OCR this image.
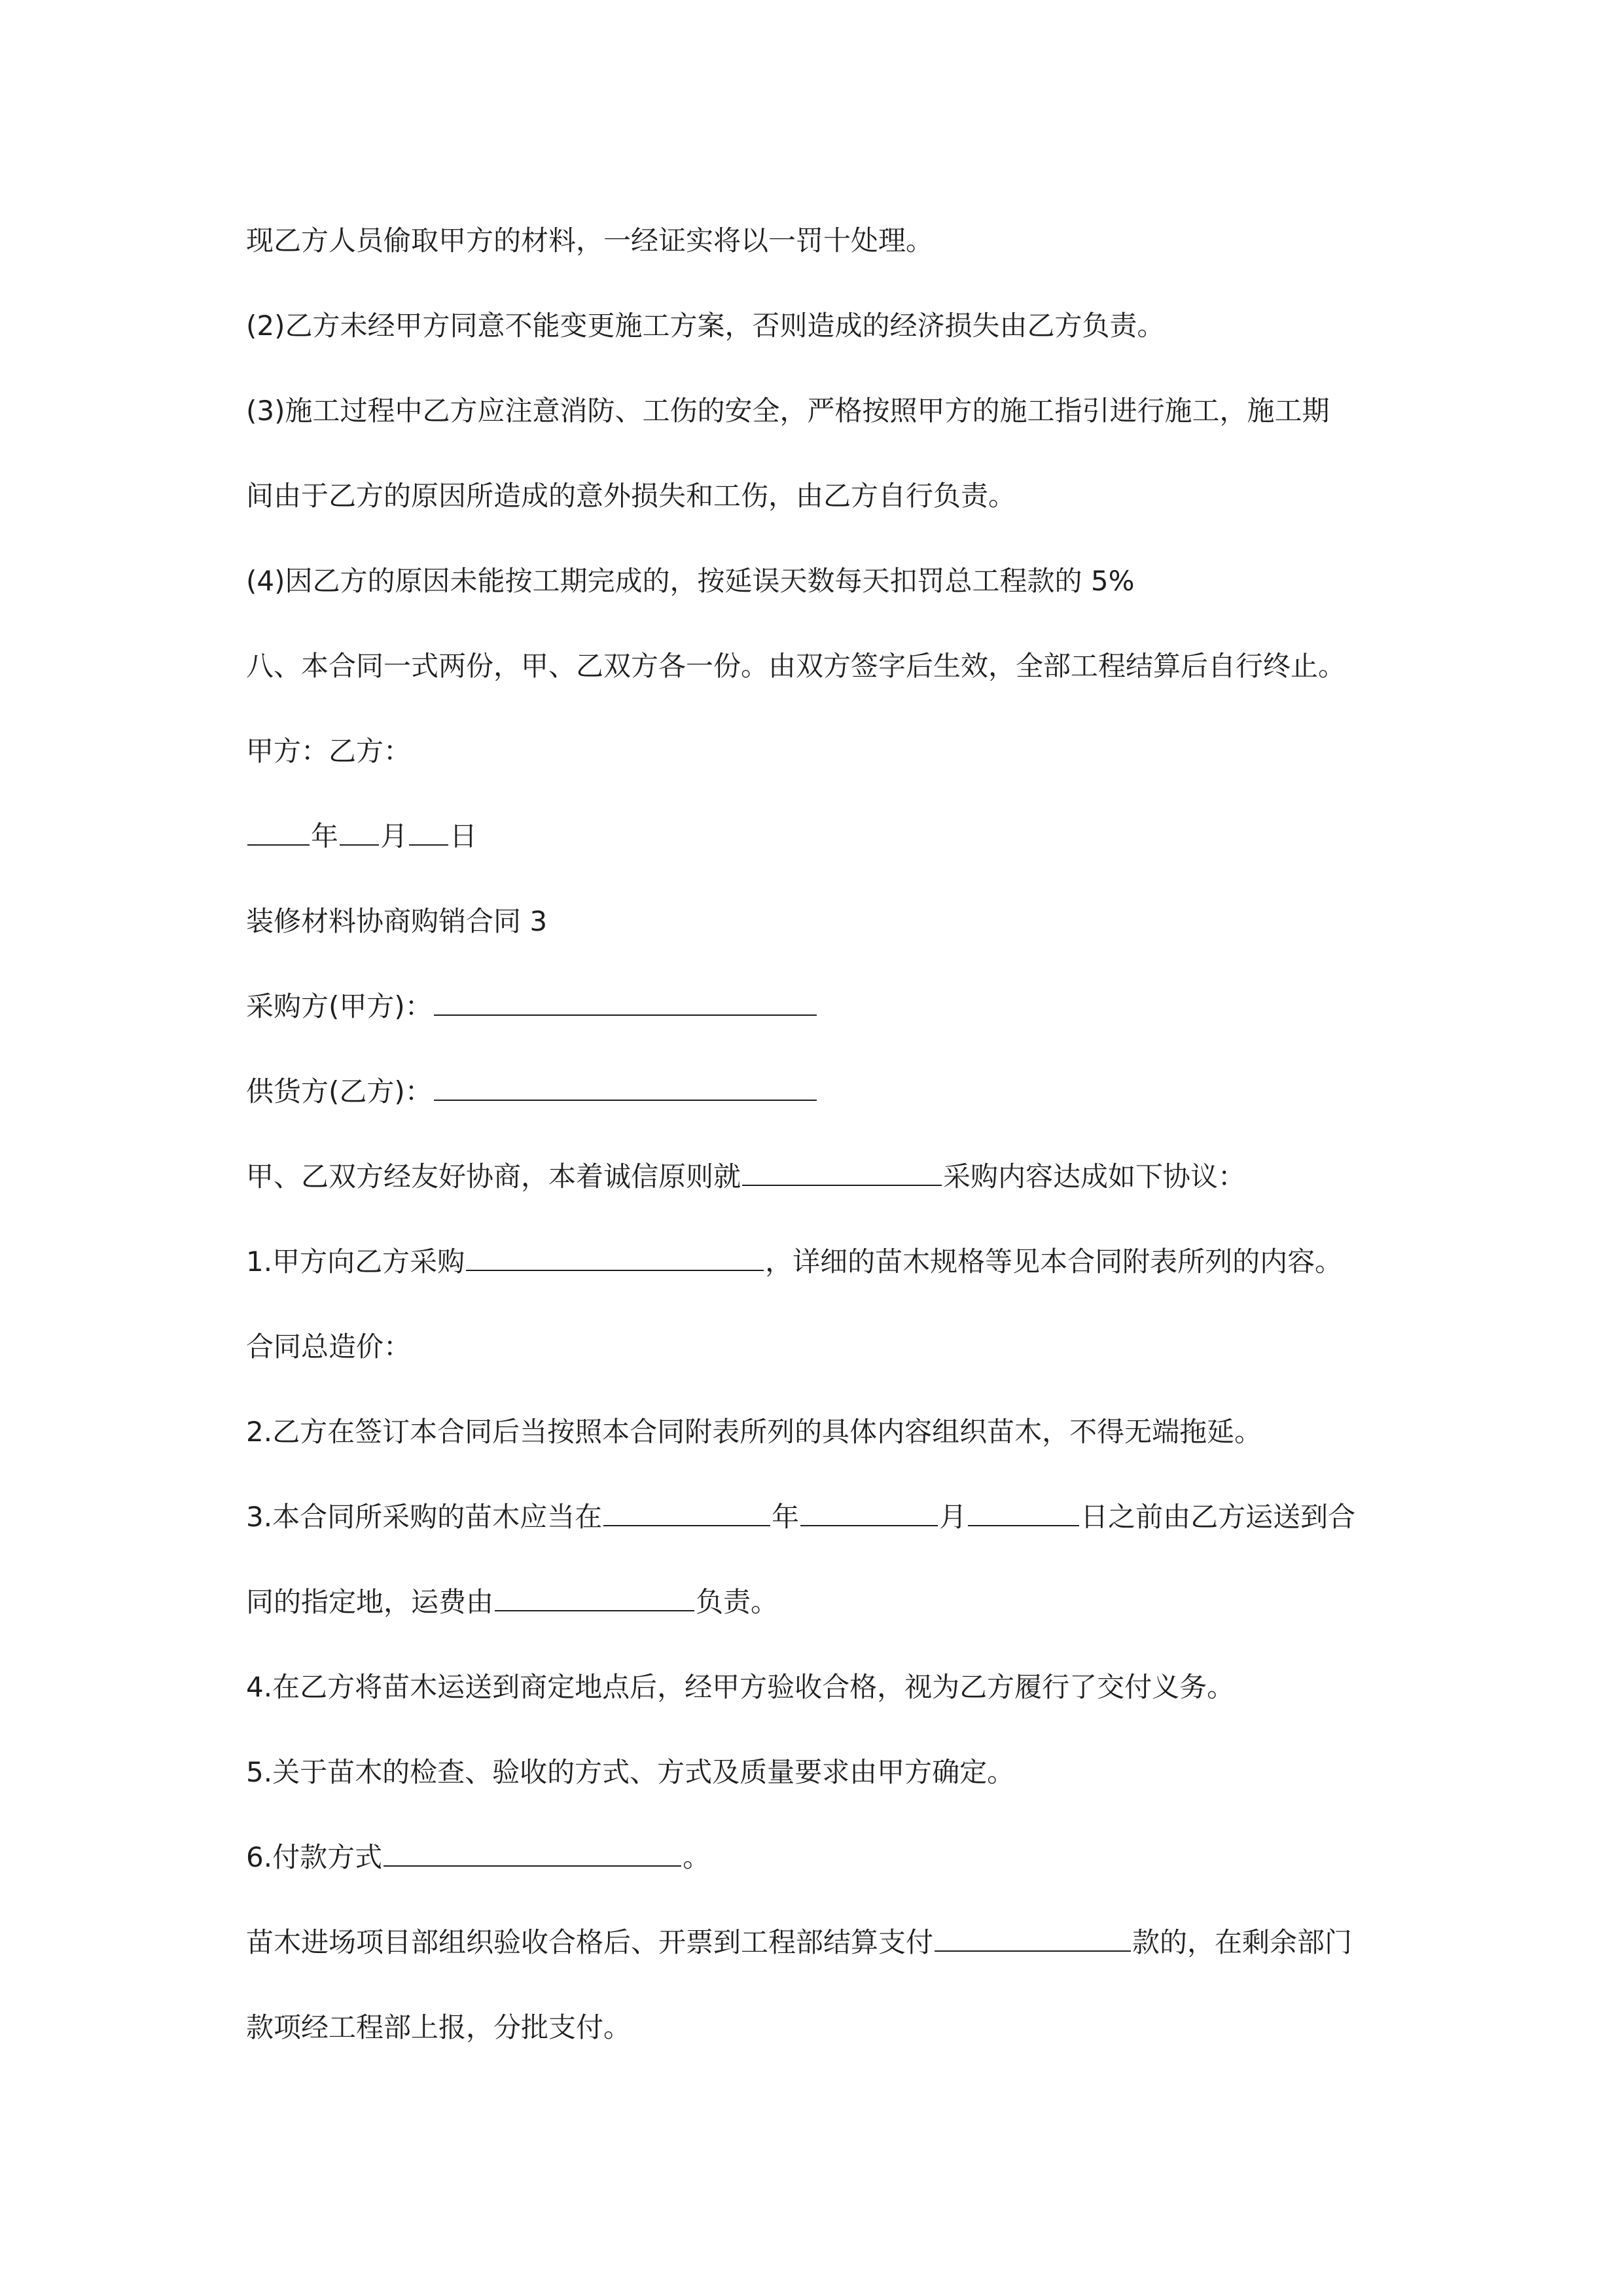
现乙方人员偷取甲方的材料，一经证实将以一罚十处理。
(2)乙方未经甲方同意不能变更施工方案，否则造成的经济损失由乙方负责。
(3)施工过程中乙方应注意消防、工伤的安全，严格按照甲方的施工指引进行施工，施工期
间由于乙方的原因所造成的意外损失和工伤，由乙方自行负责。
(4)因乙方的原因未能按工期完成的，按延误天数每天扣罚总工程款的 5%
八、本合同一式两份，甲、乙双方各一份。由双方签字后生效，全部工程结算后自行终止。
甲方：乙方：
年 月 日
装修材料协商购销合同 3
采购方(甲方)：
供货方(乙方)：
甲、乙双方经友好协商，本着诚信原则就	采购内容达成如下协议：
1.甲方向乙方采购	，详细的苗木规格等见本合同附表所列的内容。
合同总造价：
2.乙方在签订本合同后当按照本合同附表所列的具体内容组织苗木，不得无端拖延。
3.本合同所采购的苗木应当在	年	月	日之前由乙方运送到合
同的指定地，运费由	负责。
4.在乙方将苗木运送到商定地点后，经甲方验收合格，视为乙方履行了交付义务。
5.关于苗木的检查、验收的方式、方式及质量要求由甲方确定。
6.付款方式	。
苗木进场项目部组织验收合格后、开票到工程部结算支付	款的，在剩余部门
款项经工程部上报，分批支付。
